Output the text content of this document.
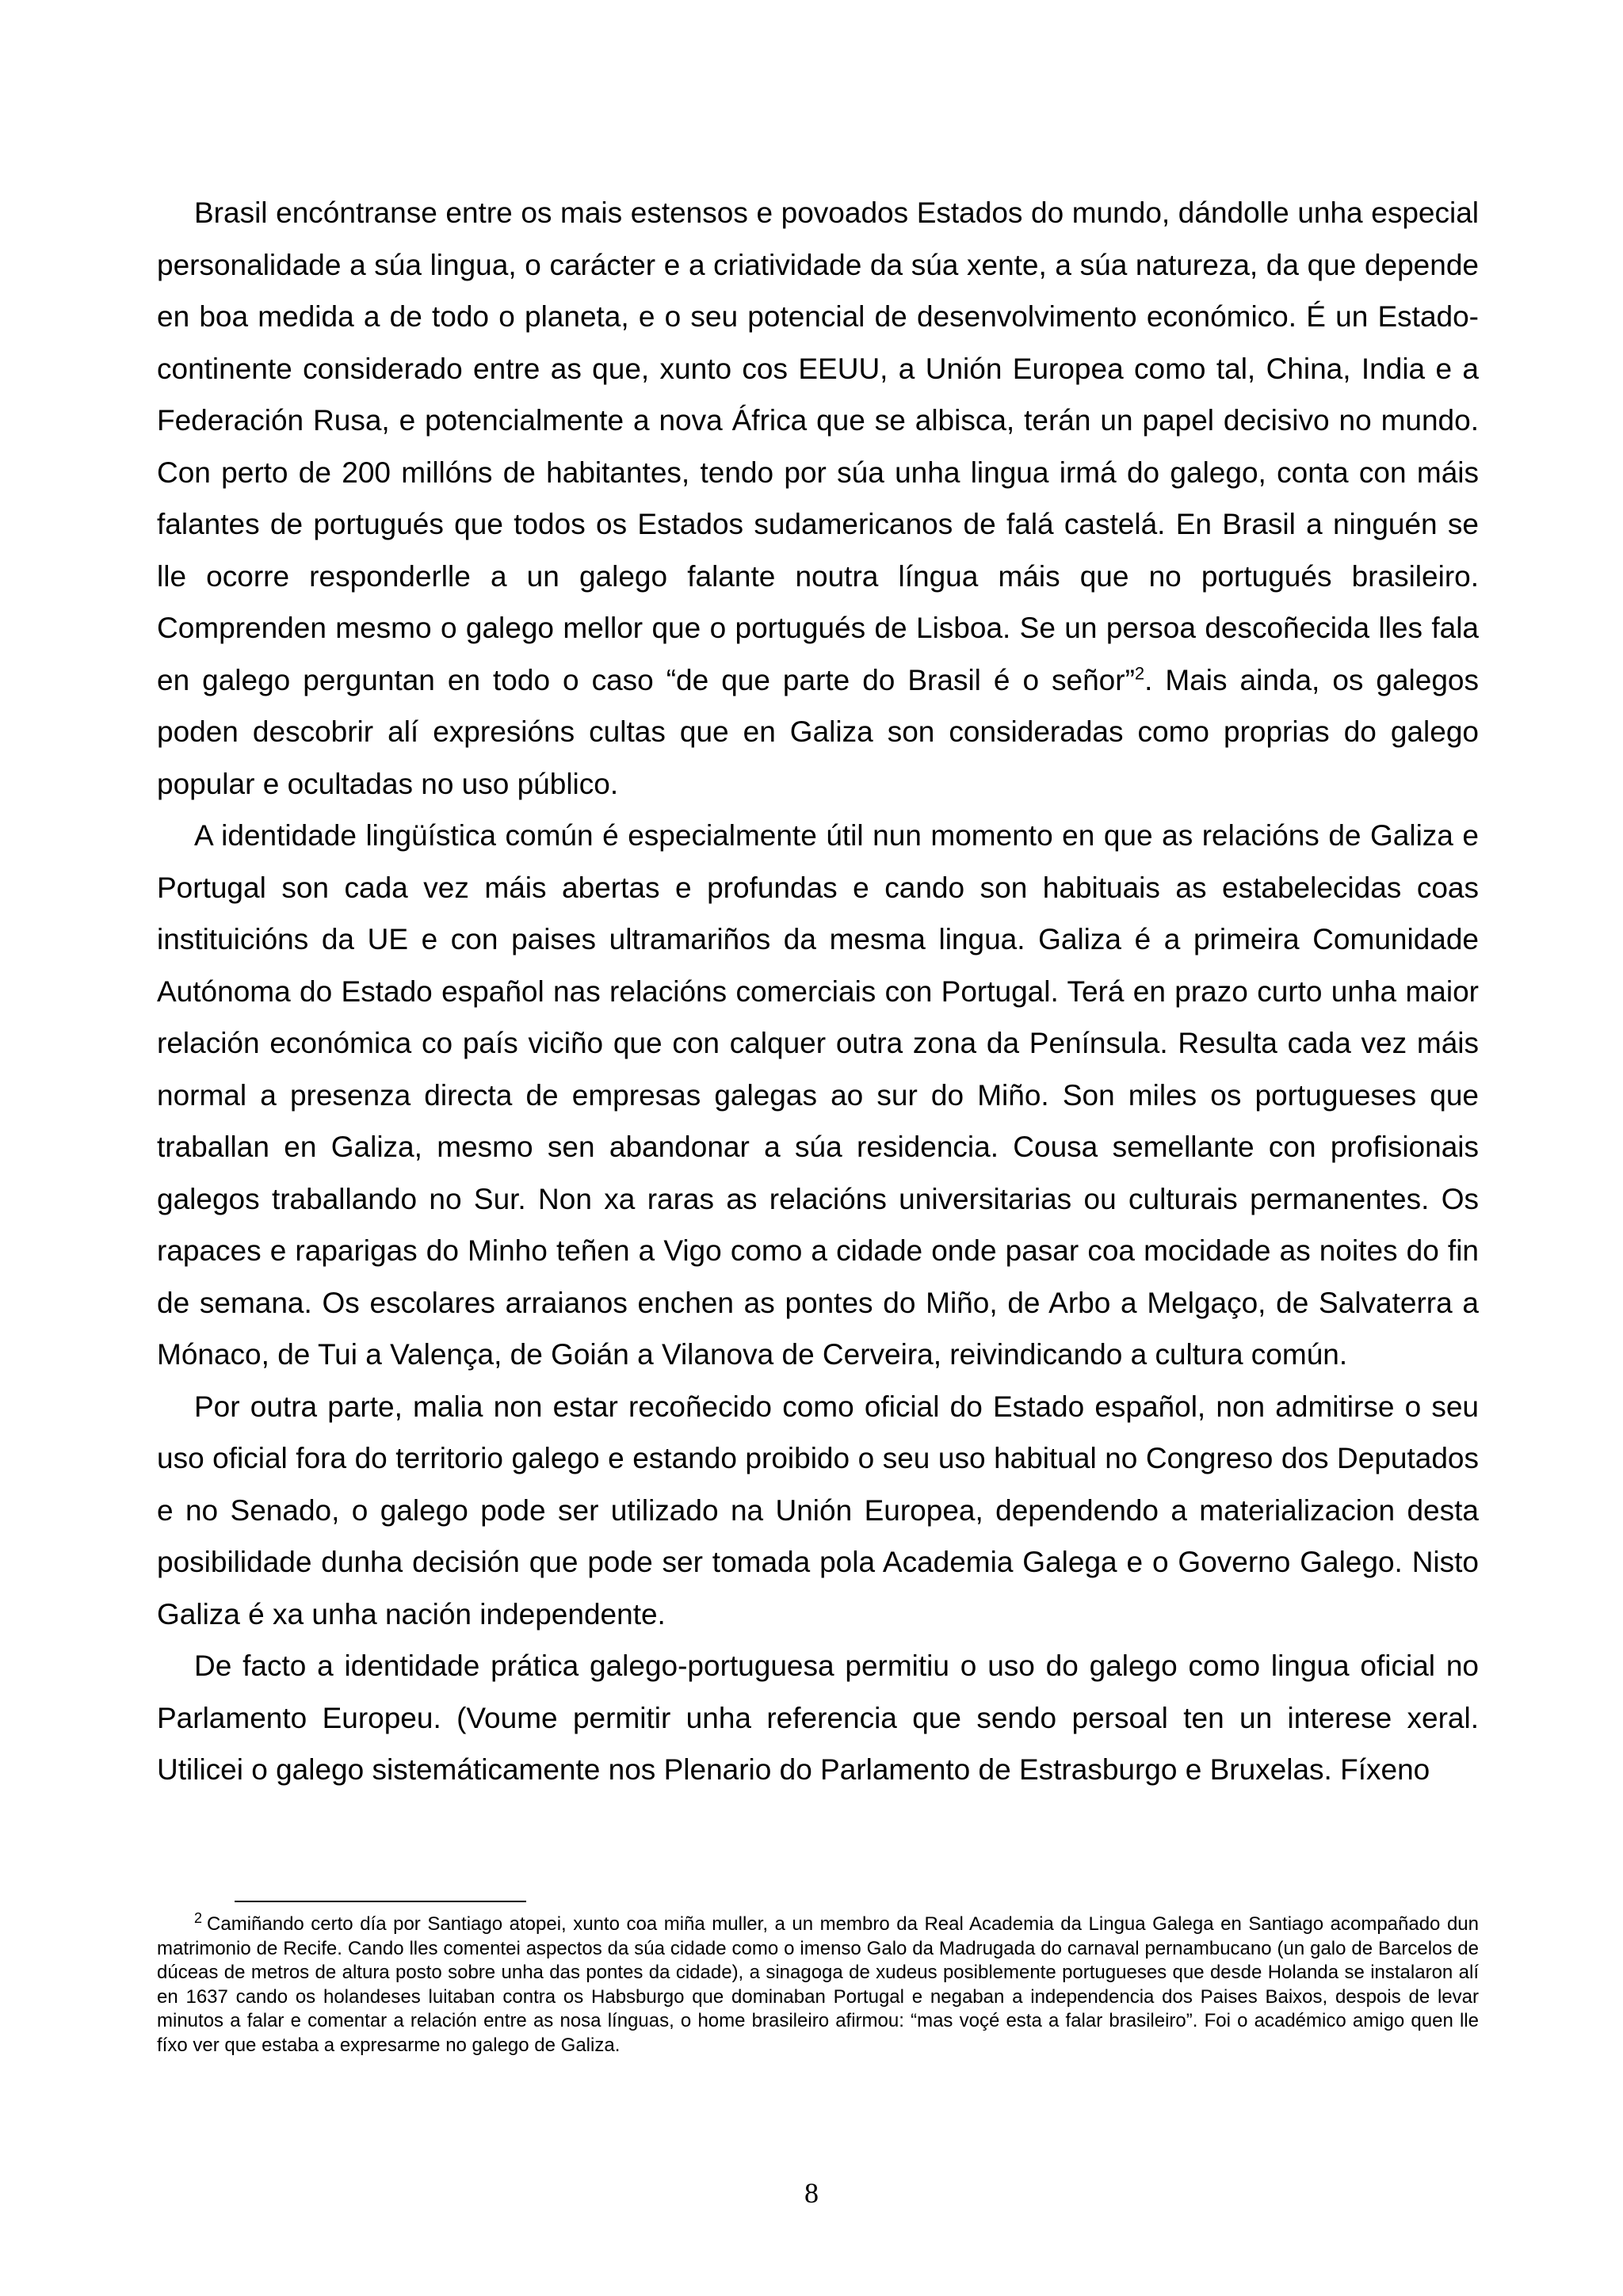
Brasil encóntranse entre os mais estensos e povoados Estados do mundo, dándolle unha especial personalidade a súa lingua, o carácter e a criatividade da súa xente, a súa natureza, da que depende en boa medida a de todo o planeta, e o seu potencial de desenvolvimento económico. É un Estado-continente considerado entre as que, xunto cos EEUU, a Unión Europea como tal, China, India e a Federación Rusa, e potencialmente a nova África que se albisca, terán un papel decisivo no mundo. Con perto de 200 millóns de habitantes, tendo por súa unha lingua irmá do galego, conta con máis falantes de portugués que todos os Estados sudamericanos de falá castelá. En Brasil a ninguén se lle ocorre responderlle a un galego falante noutra língua máis que no portugués brasileiro. Comprenden mesmo o galego mellor que o portugués de Lisboa. Se un persoa descoñecida lles fala en galego perguntan en todo o caso “de que parte do Brasil é o señor”$^2$. Mais ainda, os galegos poden descobrir alí expresións cultas que en Galiza son consideradas como proprias do galego popular e ocultadas no uso público.

A identidade lingüística común é especialmente útil nun momento en que as relacións de Galiza e Portugal son cada vez máis abertas e profundas e cando son habituais as estabelecidas coas instituicións da UE e con paises ultramariños da mesma lingua. Galiza é a primeira Comunidade Autónoma do Estado español nas relacións comerciais con Portugal. Terá en prazo curto unha maior relación económica co país viciño que con calquer outra zona da Península. Resulta cada vez máis normal a presenza directa de empresas galegas ao sur do Miño. Son miles os portugueses que traballan en Galiza, mesmo sen abandonar a súa residencia. Cousa semellante con profisionais galegos traballando no Sur. Non xa raras as relacións universitarias ou culturais permanentes. Os rapaces e raparigas do Minho teñen a Vigo como a cidade onde pasar coa mocidade as noites do fin de semana. Os escolares arraianos enchen as pontes do Miño, de Arbo a Melgaço, de Salvaterra a Mónaco, de Tui a Valença, de Goián a Vilanova de Cerveira, reivindicando a cultura común.

Por outra parte, malia non estar recoñecido como oficial do Estado español, non admitirse o seu uso oficial fora do territorio galego e estando proibido o seu uso habitual no Congreso dos Deputados e no Senado, o galego pode ser utilizado na Unión Europea, dependendo a materializacion desta posibilidade dunha decisión que pode ser tomada pola Academia Galega e o Governo Galego. Nisto Galiza é xa unha nación independente.

De facto a identidade prática galego-portuguesa permitiu o uso do galego como lingua oficial no Parlamento Europeu. (Voume permitir unha referencia que sendo persoal ten un interese xeral. Utilicei o galego sistemáticamente nos Plenario do Parlamento de Estrasburgo e Bruxelas. Fíxeno

$^2$ Camiñando certo día por Santiago atopei, xunto coa miña muller, a un membro da Real Academia da Lingua Galega en Santiago acompañado dun matrimonio de Recife. Cando lles comentei aspectos da súa cidade como o imenso Galo da Madrugada do carnaval pernambucano (un galo de Barcelos de dúceas de metros de altura posto sobre unha das pontes da cidade), a sinagoga de xudeus posiblemente portugueses que desde Holanda se instalaron alí en 1637 cando os holandeses luitaban contra os Habsburgo que dominaban Portugal e negaban a independencia dos Paises Baixos, despois de levar minutos a falar e comentar a relación entre as nosa línguas, o home brasileiro afirmou: “mas voçé esta a falar brasileiro”. Foi o académico amigo quen lle fíxo ver que estaba a expresarme no galego de Galiza.

8
